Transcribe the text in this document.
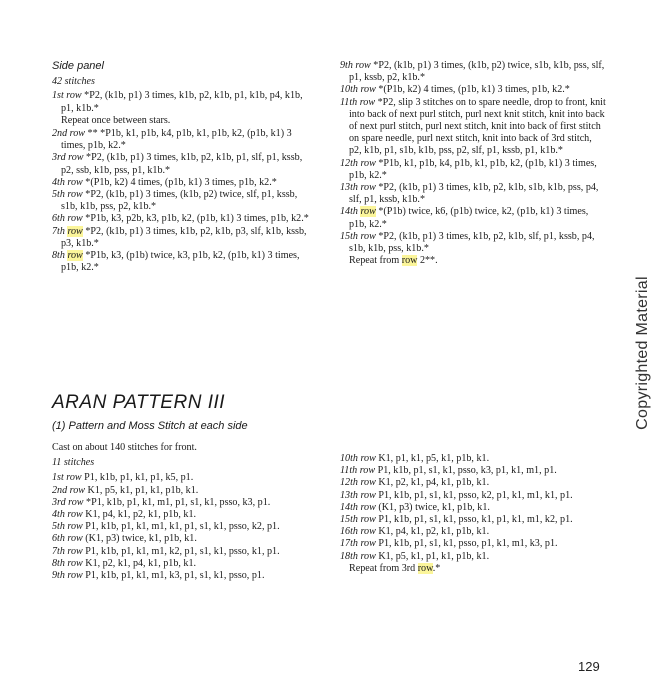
Side panel
42 stitches

1st row *P2, (k1b, p1) 3 times, k1b, p2, k1b, p1, k1b, p4, k1b, p1, k1b.*

Repeat once between stars.

2nd row ** *P1b, k1, p1b, k4, p1b, k1, p1b, k2, (p1b, k1) 3 times, p1b, k2.*

3rd row *P2, (k1b, p1) 3 times, k1b, p2, k1b, p1, slf, p1, kssb, p2, ssb, k1b, pss, p1, k1b.*

4th row *(P1b, k2) 4 times, (p1b, k1) 3 times, p1b, k2.*

5th row *P2, (k1b, p1) 3 times, (k1b, p2) twice, slf, p1, kssb, s1b, k1b, pss, p2, k1b.*

6th row *P1b, k3, p2b, k3, p1b, k2, (p1b, k1) 3 times, p1b, k2.*

7th row *P2, (k1b, p1) 3 times, k1b, p2, k1b, p3, slf, k1b, kssb, p3, k1b.*

8th row *P1b, k3, (p1b) twice, k3, p1b, k2, (p1b, k1) 3 times, p1b, k2.*

9th row *P2, (k1b, p1) 3 times, (k1b, p2) twice, s1b, k1b, pss, slf, p1, kssb, p2, k1b.*

10th row *(P1b, k2) 4 times, (p1b, k1) 3 times, p1b, k2.*

11th row *P2, slip 3 stitches on to spare needle, drop to front, knit into back of next purl stitch, purl next knit stitch, knit into back of next purl stitch, purl next stitch, knit into back of first stitch on spare needle, purl next stitch, knit into back of 3rd stitch, p2, k1b, p1, s1b, k1b, pss, p2, slf, p1, kssb, p1, k1b.*

12th row *P1b, k1, p1b, k4, p1b, k1, p1b, k2, (p1b, k1) 3 times, p1b, k2.*

13th row *P2, (k1b, p1) 3 times, k1b, p2, k1b, s1b, k1b, pss, p4, slf, p1, kssb, k1b.*

14th row *(P1b) twice, k6, (p1b) twice, k2, (p1b, k1) 3 times, p1b, k2.*

15th row *P2, (k1b, p1) 3 times, k1b, p2, k1b, slf, p1, kssb, p4, s1b, k1b, pss, k1b.*

Repeat from row 2**.

ARAN PATTERN III
(1) Pattern and Moss Stitch at each side

Cast on about 140 stitches for front.

11 stitches

1st row P1, k1b, p1, k1, p1, k5, p1.

2nd row K1, p5, k1, p1, k1, p1b, k1.

3rd row *P1, k1b, p1, k1, m1, p1, s1, k1, psso, k3, p1.

4th row K1, p4, k1, p2, k1, p1b, k1.

5th row P1, k1b, p1, k1, m1, k1, p1, s1, k1, psso, k2, p1.

6th row (K1, p3) twice, k1, p1b, k1.

7th row P1, k1b, p1, k1, m1, k2, p1, s1, k1, psso, k1, p1.

8th row K1, p2, k1, p4, k1, p1b, k1.

9th row P1, k1b, p1, k1, m1, k3, p1, s1, k1, psso, p1.

10th row K1, p1, k1, p5, k1, p1b, k1.

11th row P1, k1b, p1, s1, k1, psso, k3, p1, k1, m1, p1.

12th row K1, p2, k1, p4, k1, p1b, k1.

13th row P1, k1b, p1, s1, k1, psso, k2, p1, k1, m1, k1, p1.

14th row (K1, p3) twice, k1, p1b, k1.

15th row P1, k1b, p1, s1, k1, psso, k1, p1, k1, m1, k2, p1.

16th row K1, p4, k1, p2, k1, p1b, k1.

17th row P1, k1b, p1, s1, k1, psso, p1, k1, m1, k3, p1.

18th row K1, p5, k1, p1, k1, p1b, k1.

Repeat from 3rd row.*

Copyrighted Material
129
